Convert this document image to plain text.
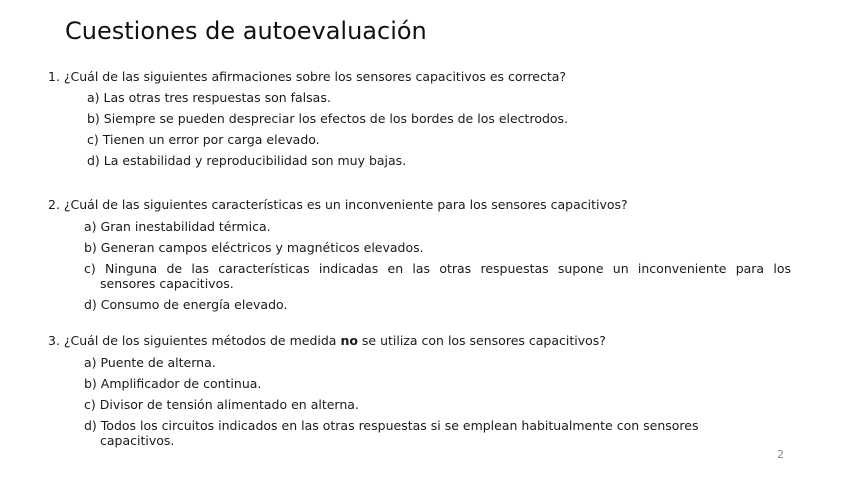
Cuestiones de autoevaluación
1. ¿Cuál de las siguientes afirmaciones sobre los sensores capacitivos es correcta?
a) Las otras tres respuestas son falsas.
b) Siempre se pueden despreciar los efectos de los bordes de los electrodos.
c) Tienen un error por carga elevado.
d) La estabilidad y reproducibilidad son muy bajas.
2. ¿Cuál de las siguientes características es un inconveniente para los sensores capacitivos?
a) Gran inestabilidad térmica.
b) Generan campos eléctricos y magnéticos elevados.
c) Ninguna de las características indicadas en las otras respuestas supone un inconveniente para los
sensores capacitivos.
d) Consumo de energía elevado.
3. ¿Cuál de los siguientes métodos de medida no se utiliza con los sensores capacitivos?
a) Puente de alterna.
b) Amplificador de continua.
c) Divisor de tensión alimentado en alterna.
d) Todos los circuitos indicados en las otras respuestas si se emplean habitualmente con sensores
capacitivos.
2
